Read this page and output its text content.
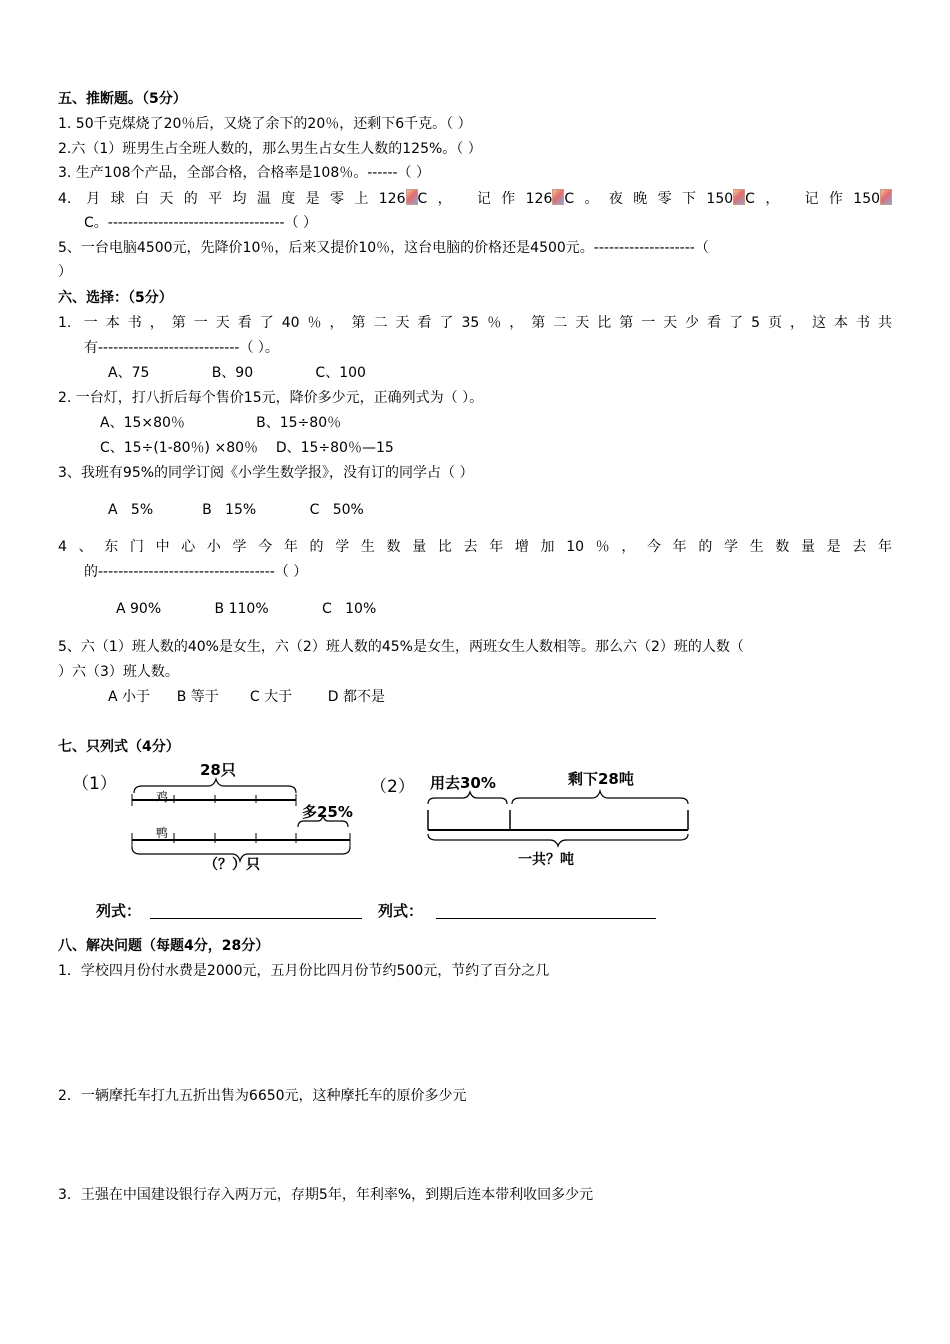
五、推断题。（5分）
1. 50千克煤烧了20％后，又烧了余下的20％，还剩下6千克。（ ）
2.六（1）班男生占全班人数的，那么男生占女生人数的125%。（ ）
3. 生产108个产品，全部合格，合格率是108％。------（ ）
4. 月球白天的平均温度是零上126 C， 记作126 C。夜晚零下150 C， 记作150
C。-----------------------------------（ ）
5、一台电脑4500元，先降价10％，后来又提价10％，这台电脑的价格还是4500元。--------------------（
）
六、选择：（5分）
1. 一本书，第一天看了40％，第二天看了35％，第二天比第一天少看了5页，这本书共
有----------------------------（ ）。
A、75              B、90              C、100
2. 一台灯，打八折后每个售价15元，降价多少元，正确列式为（ ）。
A、15×80％                B、15÷80％
C、15÷(1-80％) ×80％    D、15÷80％—15
3、我班有95%的同学订阅《小学生数学报》，没有订的同学占（ ）
A   5%           B   15%            C   50%
4、东门中心小学今年的学生数量比去年增加10％，今年的学生数量是去年
的-----------------------------------（ ）
A 90%            B 110%            C   10%
5、六（1）班人数的40%是女生，六（2）班人数的45%是女生，两班女生人数相等。那么六（2）班的人数（
）六（3）班人数。
A 小于      B 等于       C 大于        D 都不是
七、只列式（4分）
（1）
28只
鸡
鸭
多25%
（？）只
（2） 用去30%	剩下28吨
一共？吨
列式：	列式：
八、解决问题（每题4分，28分）
1．学校四月份付水费是2000元，五月份比四月份节约500元，节约了百分之几
2．一辆摩托车打九五折出售为6650元，这种摩托车的原价多少元
3．王强在中国建设银行存入两万元，存期5年，年利率%，到期后连本带利收回多少元
